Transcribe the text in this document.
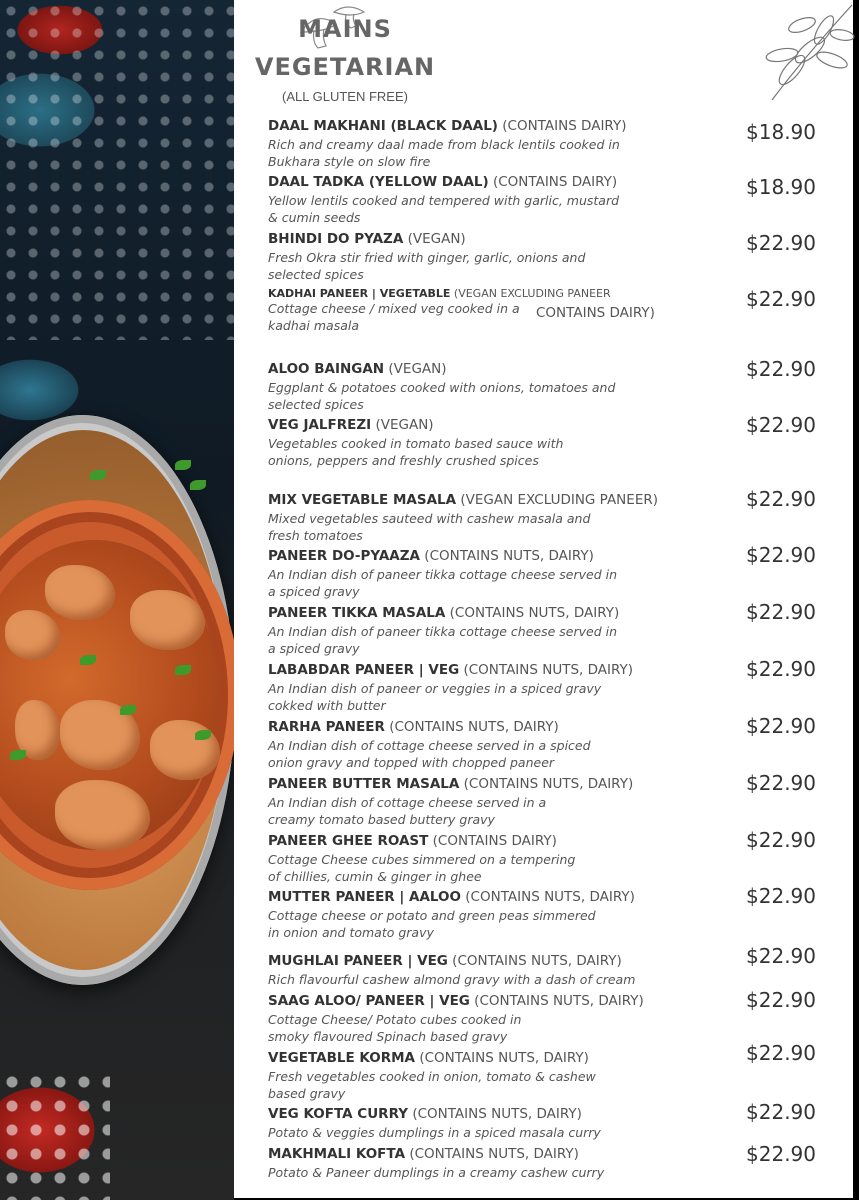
MAINS
VEGETARIAN
(ALL GLUTEN FREE)
DAAL MAKHANI (BLACK DAAL) (CONTAINS DAIRY)
Rich and creamy daal made from black lentils cooked in
Bukhara style on slow fire
$18.90
DAAL TADKA (YELLOW DAAL) (CONTAINS DAIRY)
Yellow lentils cooked and tempered with garlic, mustard
& cumin seeds
$18.90
BHINDI DO PYAZA (VEGAN)
Fresh Okra stir fried with ginger, garlic, onions and
selected spices
$22.90
KADHAI PANEER | VEGETABLE (VEGAN EXCLUDING PANEER
Cottage cheese / mixed veg cooked in a
kadhai masala
CONTAINS DAIRY)
$22.90
ALOO BAINGAN (VEGAN)
Eggplant & potatoes cooked with onions, tomatoes and
selected spices
$22.90
VEG JALFREZI (VEGAN)
Vegetables cooked in tomato based sauce with
onions, peppers and freshly crushed spices
$22.90
MIX VEGETABLE MASALA (VEGAN EXCLUDING PANEER)
Mixed vegetables sauteed with cashew masala and
fresh tomatoes
$22.90
PANEER DO-PYAAZA (CONTAINS NUTS, DAIRY)
An Indian dish of paneer tikka cottage cheese served in
a spiced gravy
$22.90
PANEER TIKKA MASALA (CONTAINS NUTS, DAIRY)
An Indian dish of paneer tikka cottage cheese served in
a spiced gravy
$22.90
LABABDAR PANEER | VEG (CONTAINS NUTS, DAIRY)
An Indian dish of paneer or veggies in a spiced gravy
cokked with butter
$22.90
RARHA PANEER (CONTAINS NUTS, DAIRY)
An Indian dish of cottage cheese served in a spiced
onion gravy and topped with chopped paneer
$22.90
PANEER BUTTER MASALA (CONTAINS NUTS, DAIRY)
An Indian dish of cottage cheese served in a
creamy tomato based buttery gravy
$22.90
PANEER GHEE ROAST (CONTAINS DAIRY)
Cottage Cheese cubes simmered on a tempering
of chillies, cumin & ginger in ghee
$22.90
MUTTER PANEER | AALOO (CONTAINS NUTS, DAIRY)
Cottage cheese or potato and green peas simmered
in onion and tomato gravy
$22.90
MUGHLAI PANEER | VEG (CONTAINS NUTS, DAIRY)
Rich flavourful cashew almond gravy with a dash of cream
$22.90
SAAG ALOO/ PANEER | VEG (CONTAINS NUTS, DAIRY)
Cottage Cheese/ Potato cubes cooked in
smoky flavoured Spinach based gravy
$22.90
VEGETABLE KORMA (CONTAINS NUTS, DAIRY)
Fresh vegetables cooked in onion, tomato & cashew
based gravy
$22.90
VEG KOFTA CURRY (CONTAINS NUTS, DAIRY)
Potato & veggies dumplings in a spiced masala curry
$22.90
MAKHMALI KOFTA (CONTAINS NUTS, DAIRY)
Potato & Paneer dumplings in a creamy cashew curry
$22.90
